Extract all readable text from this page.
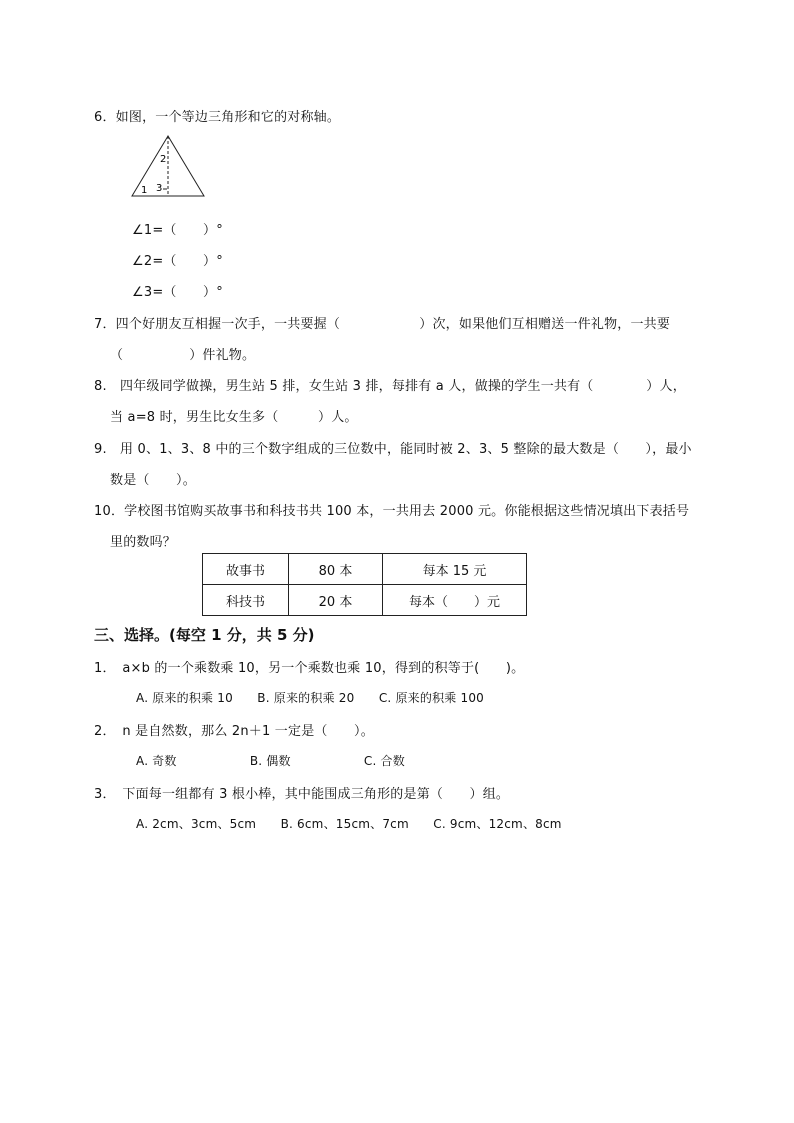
6．如图，一个等边三角形和它的对称轴。
1
2
3
∠1=（　　）°
∠2=（　　）°
∠3=（　　）°
7．四个好朋友互相握一次手，一共要握（　　　　　　）次，如果他们互相赠送一件礼物，一共要
（　　　　　）件礼物。
8.　四年级同学做操，男生站 5 排，女生站 3 排，每排有 a 人，做操的学生一共有（　　　　）人，
当 a=8 时，男生比女生多（　　　）人。
9.　用 0、1、3、8 中的三个数字组成的三位数中，能同时被 2、3、5 整除的最大数是（　　），最小
数是（　　）。
10．学校图书馆购买故事书和科技书共 100 本，一共用去 2000 元。你能根据这些情况填出下表括号
里的数吗？
故事书	80 本	每本 15 元
科技书	20 本	每本（　　）元
三、选择。(每空 1 分，共 5 分)
1．　a×b 的一个乘数乘 10，另一个乘数也乘 10，得到的积等于(　　)。
A. 原来的积乘 10　　B. 原来的积乘 20　　C. 原来的积乘 100
2．　n 是自然数，那么 2n＋1 一定是（　　）。
A. 奇数　　　　　　B. 偶数　　　　　　C. 合数
3．　下面每一组都有 3 根小棒，其中能围成三角形的是第（　　）组。
A. 2cm、3cm、5cm　　B. 6cm、15cm、7cm　　C. 9cm、12cm、8cm
